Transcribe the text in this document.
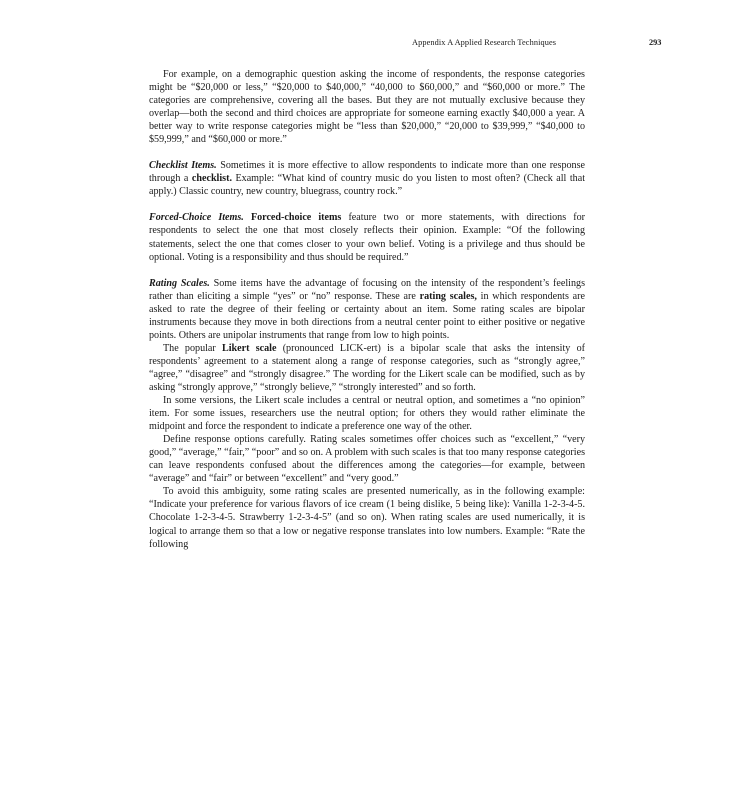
Appendix A Applied Research Techniques	293

For example, on a demographic question asking the income of respondents, the response categories might be “$20,000 or less,” “$20,000 to $40,000,” “40,000 to $60,000,” and “$60,000 or more.” The categories are comprehensive, covering all the bases. But they are not mutually exclusive because they overlap—both the second and third choices are appropriate for someone earning exactly $40,000 a year. A better way to write response categories might be “less than $20,000,” “20,000 to $39,999,” “$40,000 to $59,999,” and “$60,000 or more.”

Checklist Items. Sometimes it is more effective to allow respondents to indicate more than one response through a checklist. Example: “What kind of country music do you listen to most often? (Check all that apply.) Classic country, new country, bluegrass, country rock.”

Forced-Choice Items. Forced-choice items feature two or more statements, with directions for respondents to select the one that most closely reflects their opinion. Example: “Of the following statements, select the one that comes closer to your own belief. Voting is a privilege and thus should be optional. Voting is a responsibility and thus should be required.”

Rating Scales. Some items have the advantage of focusing on the intensity of the respondent’s feelings rather than eliciting a simple “yes” or “no” response. These are rating scales, in which respondents are asked to rate the degree of their feeling or certainty about an item. Some rating scales are bipolar instruments because they move in both directions from a neutral center point to either positive or negative points. Others are unipolar instruments that range from low to high points.

The popular Likert scale (pronounced LICK-ert) is a bipolar scale that asks the intensity of respondents’ agreement to a statement along a range of response categories, such as “strongly agree,” “agree,” “disagree” and “strongly disagree.” The wording for the Likert scale can be modified, such as by asking “strongly approve,” “strongly believe,” “strongly interested” and so forth.

In some versions, the Likert scale includes a central or neutral option, and sometimes a “no opinion” item. For some issues, researchers use the neutral option; for others they would rather eliminate the midpoint and force the respondent to indicate a preference one way of the other.

Define response options carefully. Rating scales sometimes offer choices such as “excellent,” “very good,” “average,” “fair,” “poor” and so on. A problem with such scales is that too many response categories can leave respondents confused about the differences among the categories—for example, between “average” and “fair” or between “excellent” and “very good.”

To avoid this ambiguity, some rating scales are presented numerically, as in the following example: “Indicate your preference for various flavors of ice cream (1 being dislike, 5 being like): Vanilla 1-2-3-4-5. Chocolate 1-2-3-4-5. Strawberry 1-2-3-4-5” (and so on). When rating scales are used numerically, it is logical to arrange them so that a low or negative response translates into low numbers. Example: “Rate the following
